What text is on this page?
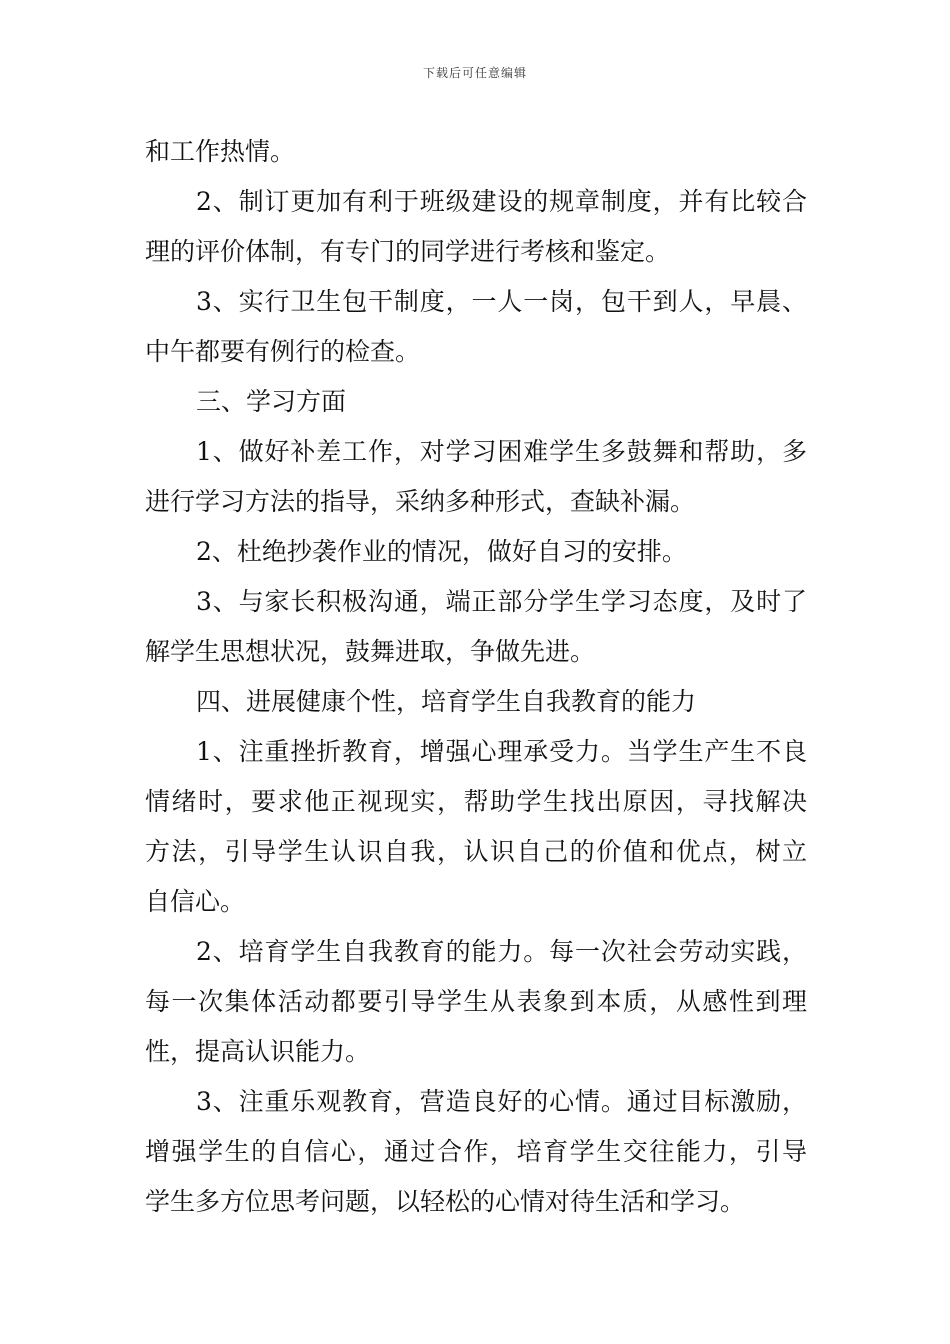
下载后可任意编辑
和工作热情。
2、制订更加有利于班级建设的规章制度，并有比较合
理的评价体制，有专门的同学进行考核和鉴定。
3、实行卫生包干制度，一人一岗，包干到人，早晨、
中午都要有例行的检查。
三、学习方面
1、做好补差工作，对学习困难学生多鼓舞和帮助，多
进行学习方法的指导，采纳多种形式，查缺补漏。
2、杜绝抄袭作业的情况，做好自习的安排。
3、与家长积极沟通，端正部分学生学习态度，及时了
解学生思想状况，鼓舞进取，争做先进。
四、进展健康个性，培育学生自我教育的能力
1、注重挫折教育，增强心理承受力。当学生产生不良
情绪时，要求他正视现实，帮助学生找出原因，寻找解决
方法，引导学生认识自我，认识自己的价值和优点，树立
自信心。
2、培育学生自我教育的能力。每一次社会劳动实践，
每一次集体活动都要引导学生从表象到本质，从感性到理
性，提高认识能力。
3、注重乐观教育，营造良好的心情。通过目标激励，
增强学生的自信心，通过合作，培育学生交往能力，引导
学生多方位思考问题，以轻松的心情对待生活和学习。
